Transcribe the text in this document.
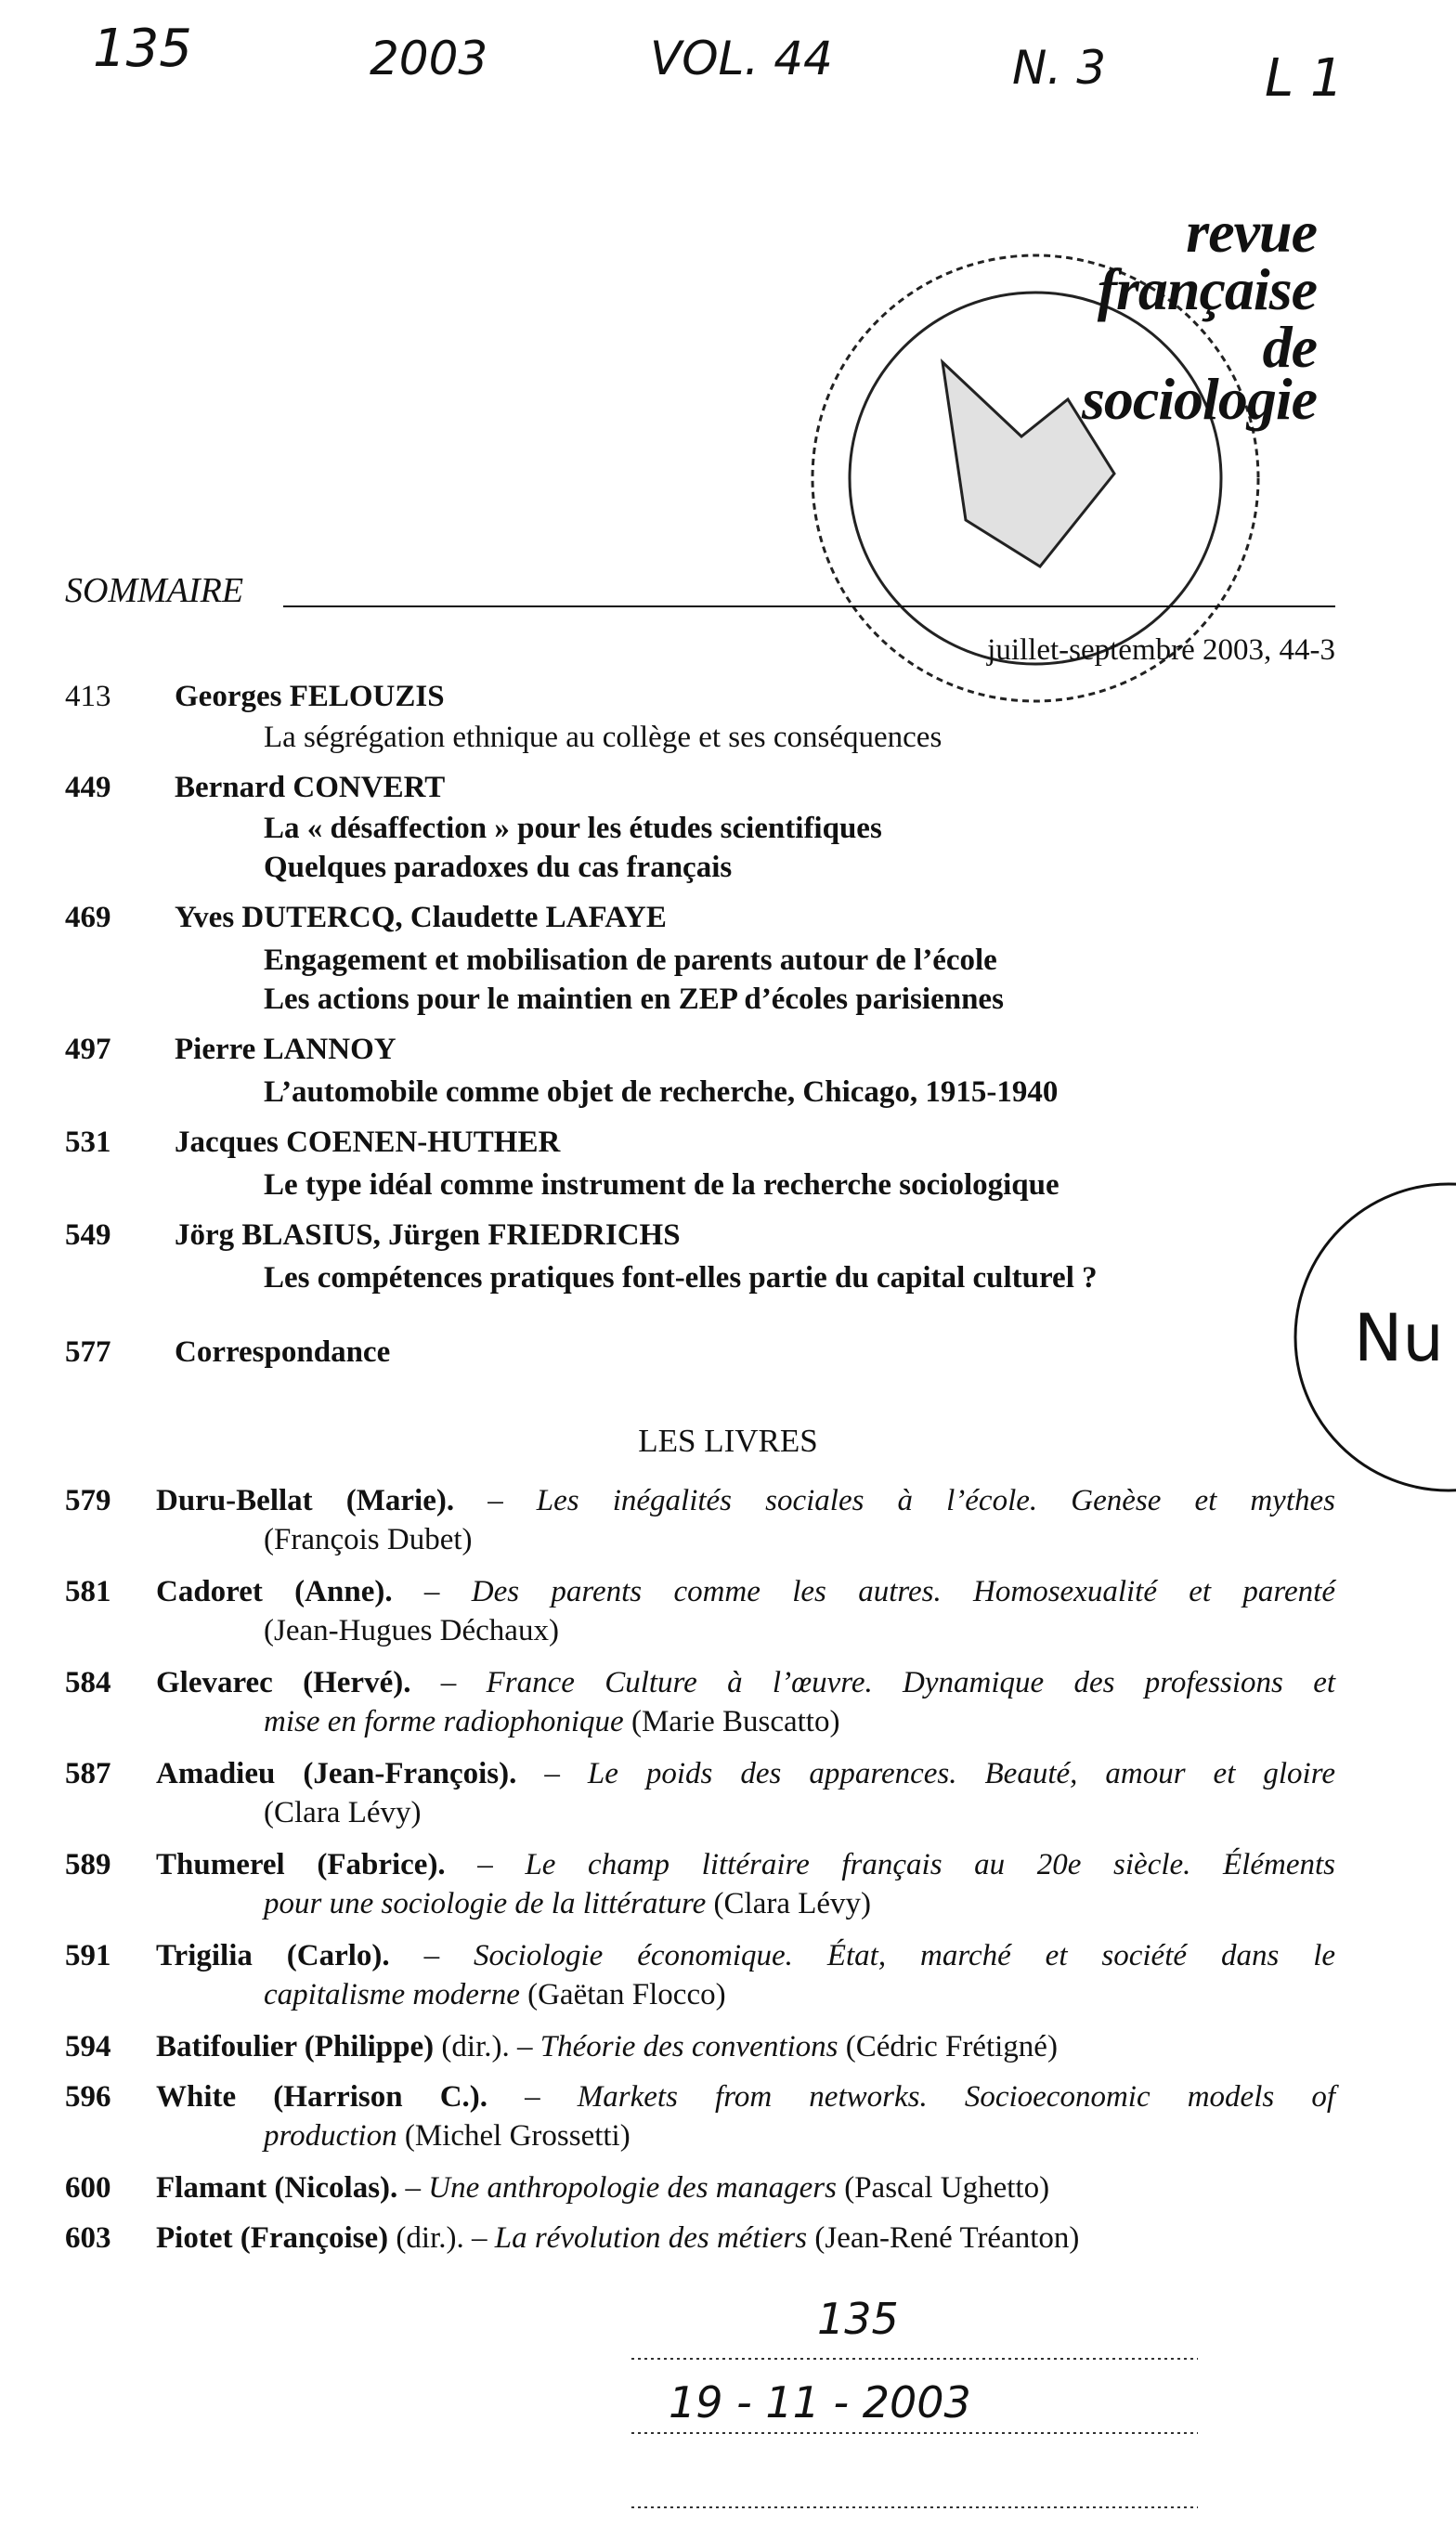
135	2003	VOL. 44	N. 3	L 1
revue
française
de
sociologie
SOMMAIRE
juillet-septembre 2003, 44-3
413 Georges FELOUZIS
La ségrégation ethnique au collège et ses conséquences
449 Bernard CONVERT
La « désaffection » pour les études scientifiques
Quelques paradoxes du cas français
469 Yves DUTERCQ, Claudette LAFAYE
Engagement et mobilisation de parents autour de l’école
Les actions pour le maintien en ZEP d’écoles parisiennes
497 Pierre LANNOY
L’automobile comme objet de recherche, Chicago, 1915-1940
531 Jacques COENEN-HUTHER
Le type idéal comme instrument de la recherche sociologique
549 Jörg BLASIUS, Jürgen FRIEDRICHS
Les compétences pratiques font-elles partie du capital culturel ?
577 Correspondance	Nu
LES LIVRES
579 Duru-Bellat (Marie). – Les inégalités sociales à l’école. Genèse et mythes
(François Dubet)
581 Cadoret (Anne). – Des parents comme les autres. Homosexualité et parenté
(Jean-Hugues Déchaux)
584 Glevarec (Hervé). – France Culture à l’œuvre. Dynamique des professions et
mise en forme radiophonique (Marie Buscatto)
587 Amadieu (Jean-François). – Le poids des apparences. Beauté, amour et gloire
(Clara Lévy)
589 Thumerel (Fabrice). – Le champ littéraire français au 20e siècle. Éléments
pour une sociologie de la littérature (Clara Lévy)
591 Trigilia (Carlo). – Sociologie économique. État, marché et société dans le
capitalisme moderne (Gaëtan Flocco)
594 Batifoulier (Philippe) (dir.). – Théorie des conventions (Cédric Frétigné)
596 White (Harrison C.). – Markets from networks. Socioeconomic models of
production (Michel Grossetti)
600 Flamant (Nicolas). – Une anthropologie des managers (Pascal Ughetto)
603 Piotet (Françoise) (dir.). – La révolution des métiers (Jean-René Tréanton)
135
19 - 11 - 2003
